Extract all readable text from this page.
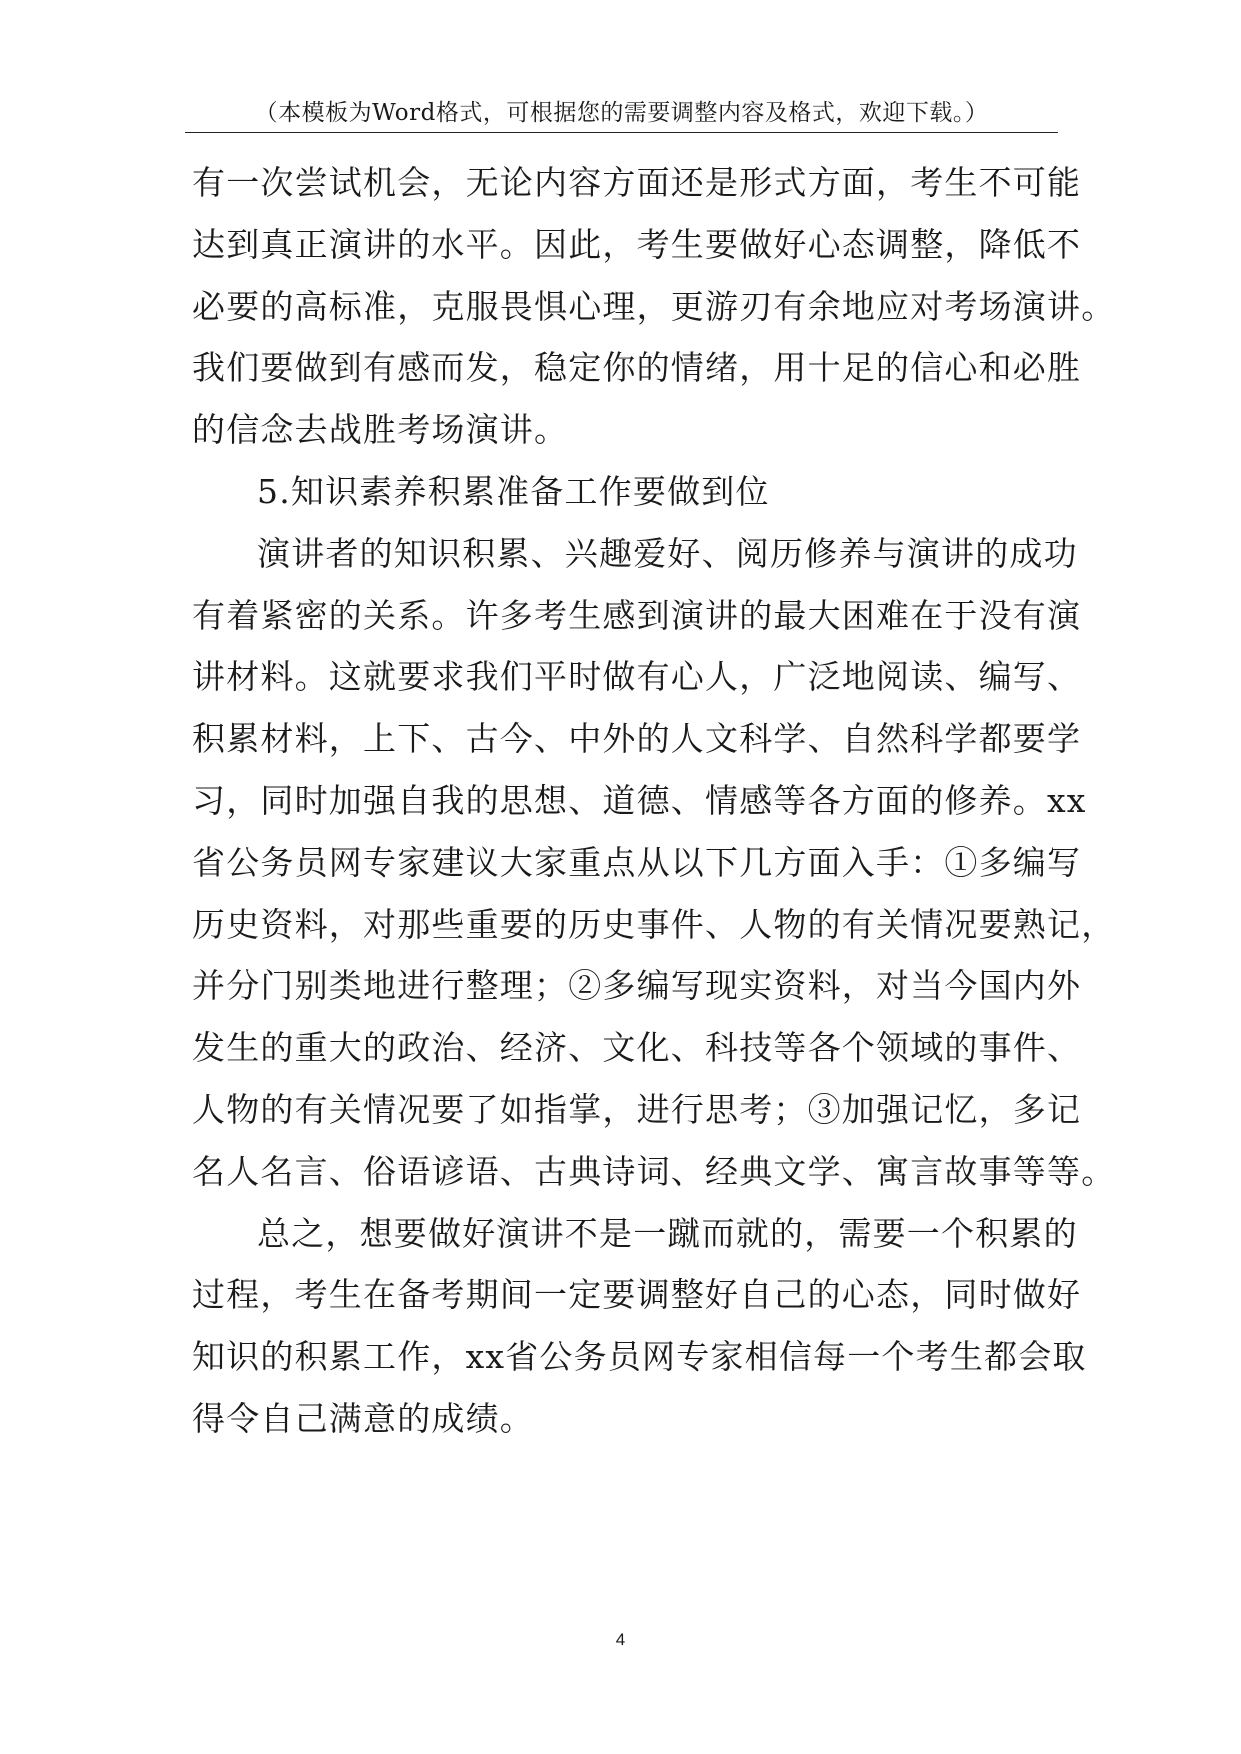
（本模板为Word格式，可根据您的需要调整内容及格式，欢迎下载。）
有一次尝试机会，无论内容方面还是形式方面，考生不可能
达到真正演讲的水平。因此，考生要做好心态调整，降低不
必要的高标准，克服畏惧心理，更游刃有余地应对考场演讲。
我们要做到有感而发，稳定你的情绪，用十足的信心和必胜
的信念去战胜考场演讲。
5.知识素养积累准备工作要做到位
演讲者的知识积累、兴趣爱好、阅历修养与演讲的成功
有着紧密的关系。许多考生感到演讲的最大困难在于没有演
讲材料。这就要求我们平时做有心人，广泛地阅读、编写、
积累材料，上下、古今、中外的人文科学、自然科学都要学
习，同时加强自我的思想、道德、情感等各方面的修养。xx
省公务员网专家建议大家重点从以下几方面入手：①多编写
历史资料，对那些重要的历史事件、人物的有关情况要熟记，
并分门别类地进行整理；②多编写现实资料，对当今国内外
发生的重大的政治、经济、文化、科技等各个领域的事件、
人物的有关情况要了如指掌，进行思考；③加强记忆，多记
名人名言、俗语谚语、古典诗词、经典文学、寓言故事等等。
总之，想要做好演讲不是一蹴而就的，需要一个积累的
过程，考生在备考期间一定要调整好自己的心态，同时做好
知识的积累工作，xx省公务员网专家相信每一个考生都会取
得令自己满意的成绩。
4
